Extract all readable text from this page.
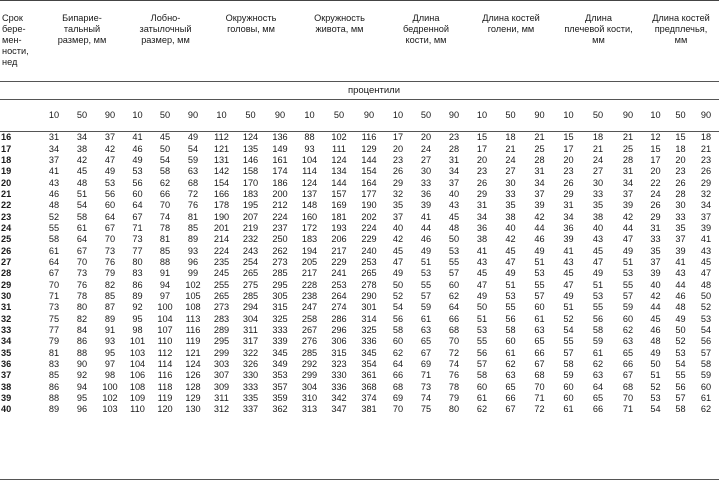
Срок бере-мен-ности, нед	Бипарие-тальный размер, мм	Лобно-затылочный размер, мм	Окружность головы, мм	Окружность живота, мм	Длина бедренной кости, мм	Длина костей голени, мм	Длина плечевой кости, мм	Длина костей предплечья, мм
процентили
	10	50	90	10	50	90	10	50	90	10	50	90	10	50	90	10	50	90	10	50	90	10	50	90
16	31	34	37	41	45	49	112	124	136	88	102	116	17	20	23	15	18	21	15	18	21	12	15	18
17	34	38	42	46	50	54	121	135	149	93	111	129	20	24	28	17	21	25	17	21	25	15	18	21
18	37	42	47	49	54	59	131	146	161	104	124	144	23	27	31	20	24	28	20	24	28	17	20	23
19	41	45	49	53	58	63	142	158	174	114	134	154	26	30	34	23	27	31	23	27	31	20	23	26
20	43	48	53	56	62	68	154	170	186	124	144	164	29	33	37	26	30	34	26	30	34	22	26	29
21	46	51	56	60	66	72	166	183	200	137	157	177	32	36	40	29	33	37	29	33	37	24	28	32
22	48	54	60	64	70	76	178	195	212	148	169	190	35	39	43	31	35	39	31	35	39	26	30	34
23	52	58	64	67	74	81	190	207	224	160	181	202	37	41	45	34	38	42	34	38	42	29	33	37
24	55	61	67	71	78	85	201	219	237	172	193	224	40	44	48	36	40	44	36	40	44	31	35	39
25	58	64	70	73	81	89	214	232	250	183	206	229	42	46	50	38	42	46	39	43	47	33	37	41
26	61	67	73	77	85	93	224	243	262	194	217	240	45	49	53	41	45	49	41	45	49	35	39	43
27	64	70	76	80	88	96	235	254	273	205	229	253	47	51	55	43	47	51	43	47	51	37	41	45
28	67	73	79	83	91	99	245	265	285	217	241	265	49	53	57	45	49	53	45	49	53	39	43	47
29	70	76	82	86	94	102	255	275	295	228	253	278	50	55	60	47	51	55	47	51	55	40	44	48
30	71	78	85	89	97	105	265	285	305	238	264	290	52	57	62	49	53	57	49	53	57	42	46	50
31	73	80	87	92	100	108	273	294	315	247	274	301	54	59	64	50	55	60	51	55	59	44	48	52
32	75	82	89	95	104	113	283	304	325	258	286	314	56	61	66	51	56	61	52	56	60	45	49	53
33	77	84	91	98	107	116	289	311	333	267	296	325	58	63	68	53	58	63	54	58	62	46	50	54
34	79	86	93	101	110	119	295	317	339	276	306	336	60	65	70	55	60	65	55	59	63	48	52	56
35	81	88	95	103	112	121	299	322	345	285	315	345	62	67	72	56	61	66	57	61	65	49	53	57
36	83	90	97	104	114	124	303	326	349	292	323	354	64	69	74	57	62	67	58	62	66	50	54	58
37	85	92	98	106	116	126	307	330	353	299	330	361	66	71	76	58	63	68	59	63	67	51	55	59
38	86	94	100	108	118	128	309	333	357	304	336	368	68	73	78	60	65	70	60	64	68	52	56	60
39	88	95	102	109	119	129	311	335	359	310	342	374	69	74	79	61	66	71	60	65	70	53	57	61
40	89	96	103	110	120	130	312	337	362	313	347	381	70	75	80	62	67	72	61	66	71	54	58	62
